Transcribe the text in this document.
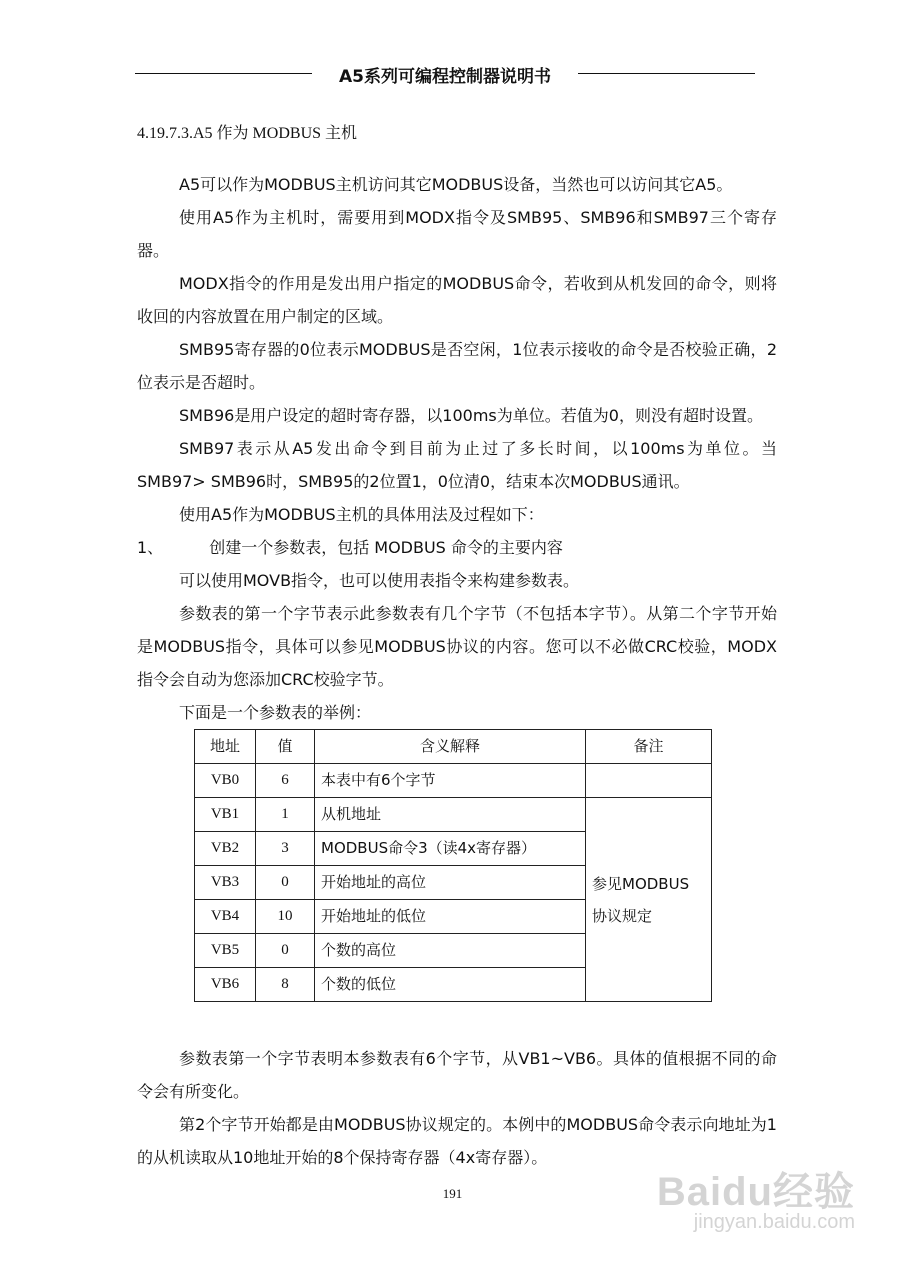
A5系列可编程控制器说明书
4.19.7.3.A5 作为 MODBUS 主机

A5可以作为MODBUS主机访问其它MODBUS设备，当然也可以访问其它A5。

使用A5作为主机时，需要用到MODX指令及SMB95、SMB96和SMB97三个寄存器。

MODX指令的作用是发出用户指定的MODBUS命令，若收到从机发回的命令，则将收回的内容放置在用户制定的区域。

SMB95寄存器的0位表示MODBUS是否空闲，1位表示接收的命令是否校验正确，2位表示是否超时。

SMB96是用户设定的超时寄存器，以100ms为单位。若值为0，则没有超时设置。

SMB97表示从A5发出命令到目前为止过了多长时间，以100ms为单位。当SMB97> SMB96时，SMB95的2位置1，0位清0，结束本次MODBUS通讯。

使用A5作为MODBUS主机的具体用法及过程如下：

1、	创建一个参数表，包括 MODBUS 命令的主要内容

可以使用MOVB指令，也可以使用表指令来构建参数表。

参数表的第一个字节表示此参数表有几个字节（不包括本字节）。从第二个字节开始是MODBUS指令，具体可以参见MODBUS协议的内容。您可以不必做CRC校验，MODX指令会自动为您添加CRC校验字节。

下面是一个参数表的举例：

地址	值	含义解释	备注
VB0	6	本表中有6个字节	
VB1	1	从机地址	参见MODBUS
协议规定
VB2	3	MODBUS命令3（读4x寄存器）	
VB3	0	开始地址的高位	
VB4	10	开始地址的低位	
VB5	0	个数的高位	
VB6	8	个数的低位	

参数表第一个字节表明本参数表有6个字节，从VB1~VB6。具体的值根据不同的命令会有所变化。

第2个字节开始都是由MODBUS协议规定的。本例中的MODBUS命令表示向地址为1的从机读取从10地址开始的8个保持寄存器（4x寄存器）。

191	Baidu经验
jingyan.baidu.com
